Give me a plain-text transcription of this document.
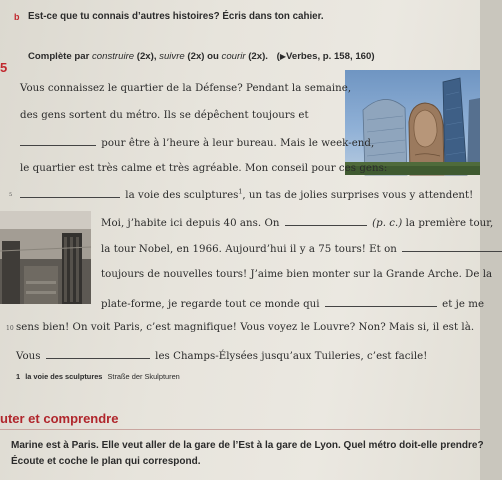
b Est-ce que tu connais d’autres histoires? Écris dans ton cahier.
5
Complète par construire (2x), suivre (2x) ou courir (2x). (▶Verbes, p. 158, 160)
Vous connaissez le quartier de la Défense? Pendant la semaine,
des gens sortent du métro. Ils se dépêchent toujours et
pour être à l’heure à leur bureau. Mais le week-end,
le quartier est très calme et très agréable. Mon conseil pour ces gens:
5	la voie des sculptures$^1$, un tas de jolies surprises vous y attendent!
Moi, j’habite ici depuis 40 ans. On	(p. c.) la première tour,
la tour Nobel, en 1966. Aujourd’hui il y a 75 tours! Et on
toujours de nouvelles tours! J’aime bien monter sur la Grande Arche. De la
plate-forme, je regarde tout ce monde qui	et je me
10 sens bien! On voit Paris, c’est magnifique! Vous voyez le Louvre? Non? Mais si, il est là.
Vous	les Champs-Élysées jusqu’aux Tuileries, c’est facile!
1 la voie des sculptures Straße der Skulpturen
uter et comprendre
Marine est à Paris. Elle veut aller de la gare de l’Est à la gare de Lyon. Quel métro doit-elle prendre?
Écoute et coche le plan qui correspond.
